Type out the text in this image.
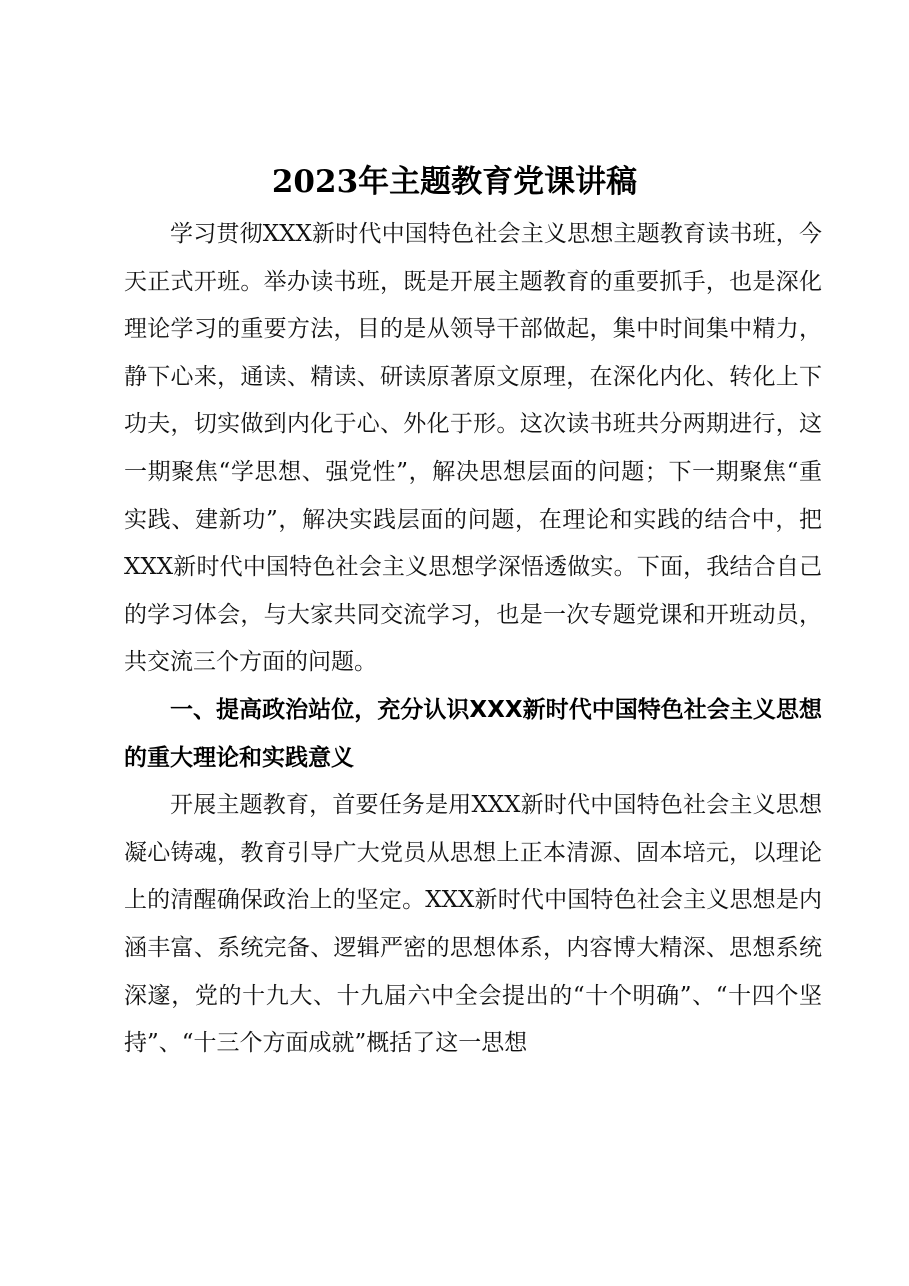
2023年主题教育党课讲稿

学习贯彻XXX新时代中国特色社会主义思想主题教育读书班，今天正式开班。举办读书班，既是开展主题教育的重要抓手，也是深化理论学习的重要方法，目的是从领导干部做起，集中时间集中精力，静下心来，通读、精读、研读原著原文原理，在深化内化、转化上下功夫，切实做到内化于心、外化于形。这次读书班共分两期进行，这一期聚焦“学思想、强党性”，解决思想层面的问题；下一期聚焦“重实践、建新功”，解决实践层面的问题，在理论和实践的结合中，把XXX新时代中国特色社会主义思想学深悟透做实。下面，我结合自己的学习体会，与大家共同交流学习，也是一次专题党课和开班动员，共交流三个方面的问题。

一、提高政治站位，充分认识XXX新时代中国特色社会主义思想的重大理论和实践意义

开展主题教育，首要任务是用XXX新时代中国特色社会主义思想凝心铸魂，教育引导广大党员从思想上正本清源、固本培元，以理论上的清醒确保政治上的坚定。XXX新时代中国特色社会主义思想是内涵丰富、系统完备、逻辑严密的思想体系，内容博大精深、思想系统深邃，党的十九大、十九届六中全会提出的“十个明确”、“十四个坚持”、“十三个方面成就”概括了这一思想
